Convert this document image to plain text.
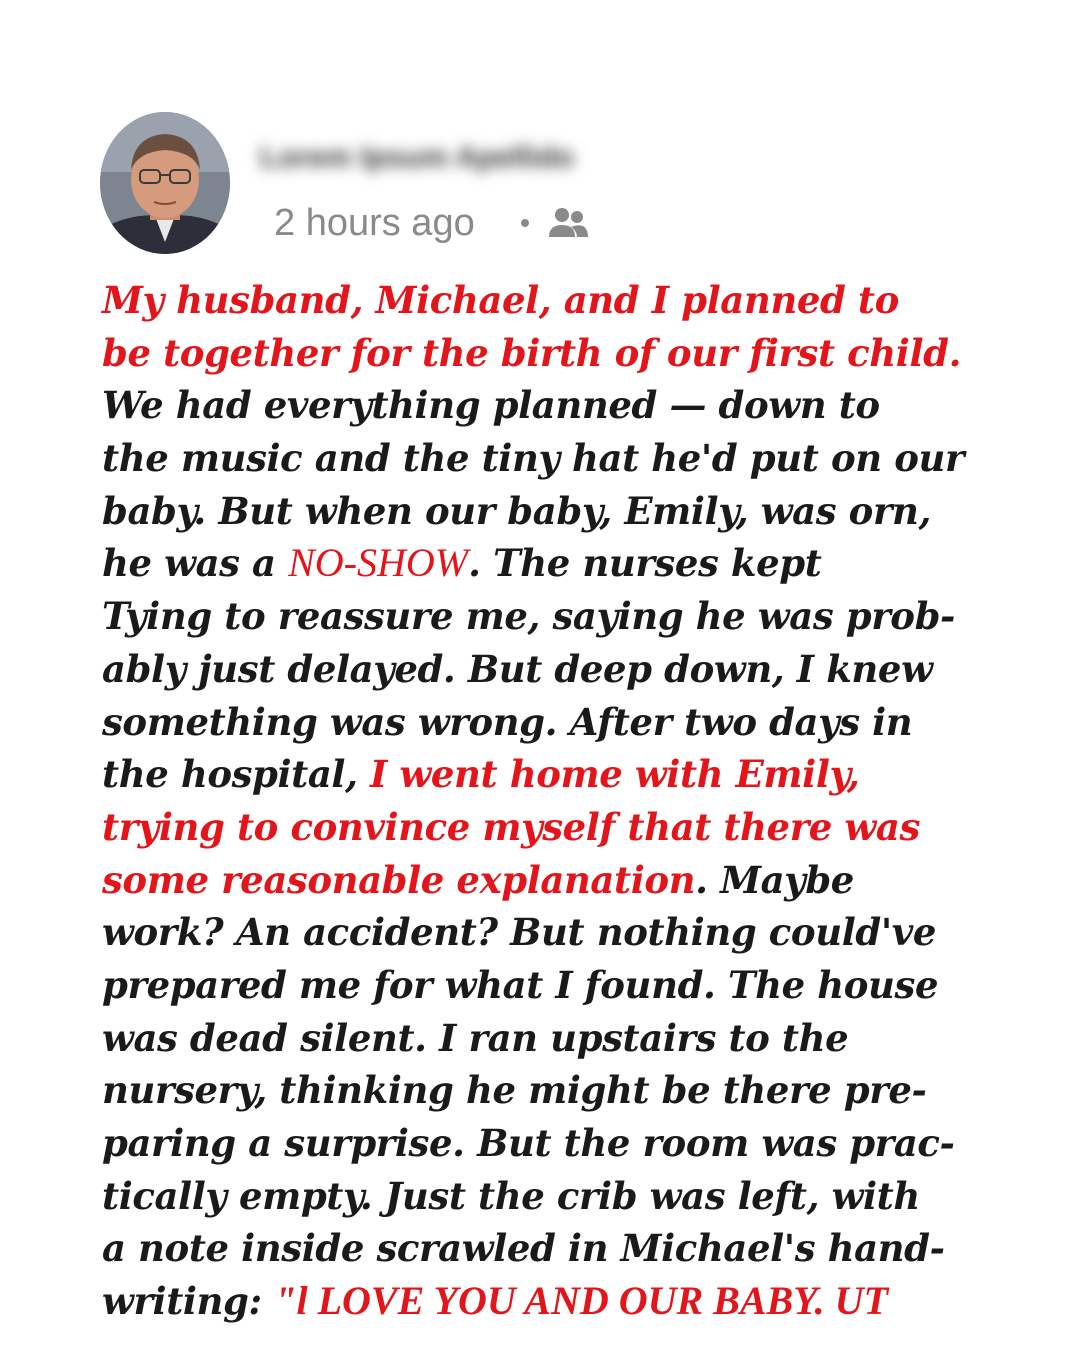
Lorem Ipsum Apellido
2 hours ago
My husband, Michael, and I planned to
be together for the birth of our first child.
We had everything planned — down to
the music and the tiny hat he'd put on our
baby. But when our baby, Emily, was orn,
he was a NO-SHOW. The nurses kept
Tying to reassure me, saying he was prob-
ably just delayed. But deep down, I knew
something was wrong. After two days in
the hospital, I went home with Emily,
trying to convince myself that there was
some reasonable explanation. Maybe
work? An accident? But nothing could've
prepared me for what I found. The house
was dead silent. I ran upstairs to the
nursery, thinking he might be there pre-
paring a surprise. But the room was prac-
tically empty. Just the crib was left, with
a note inside scrawled in Michael's hand-
writing: "l LOVE YOU AND OUR BABY. UT
